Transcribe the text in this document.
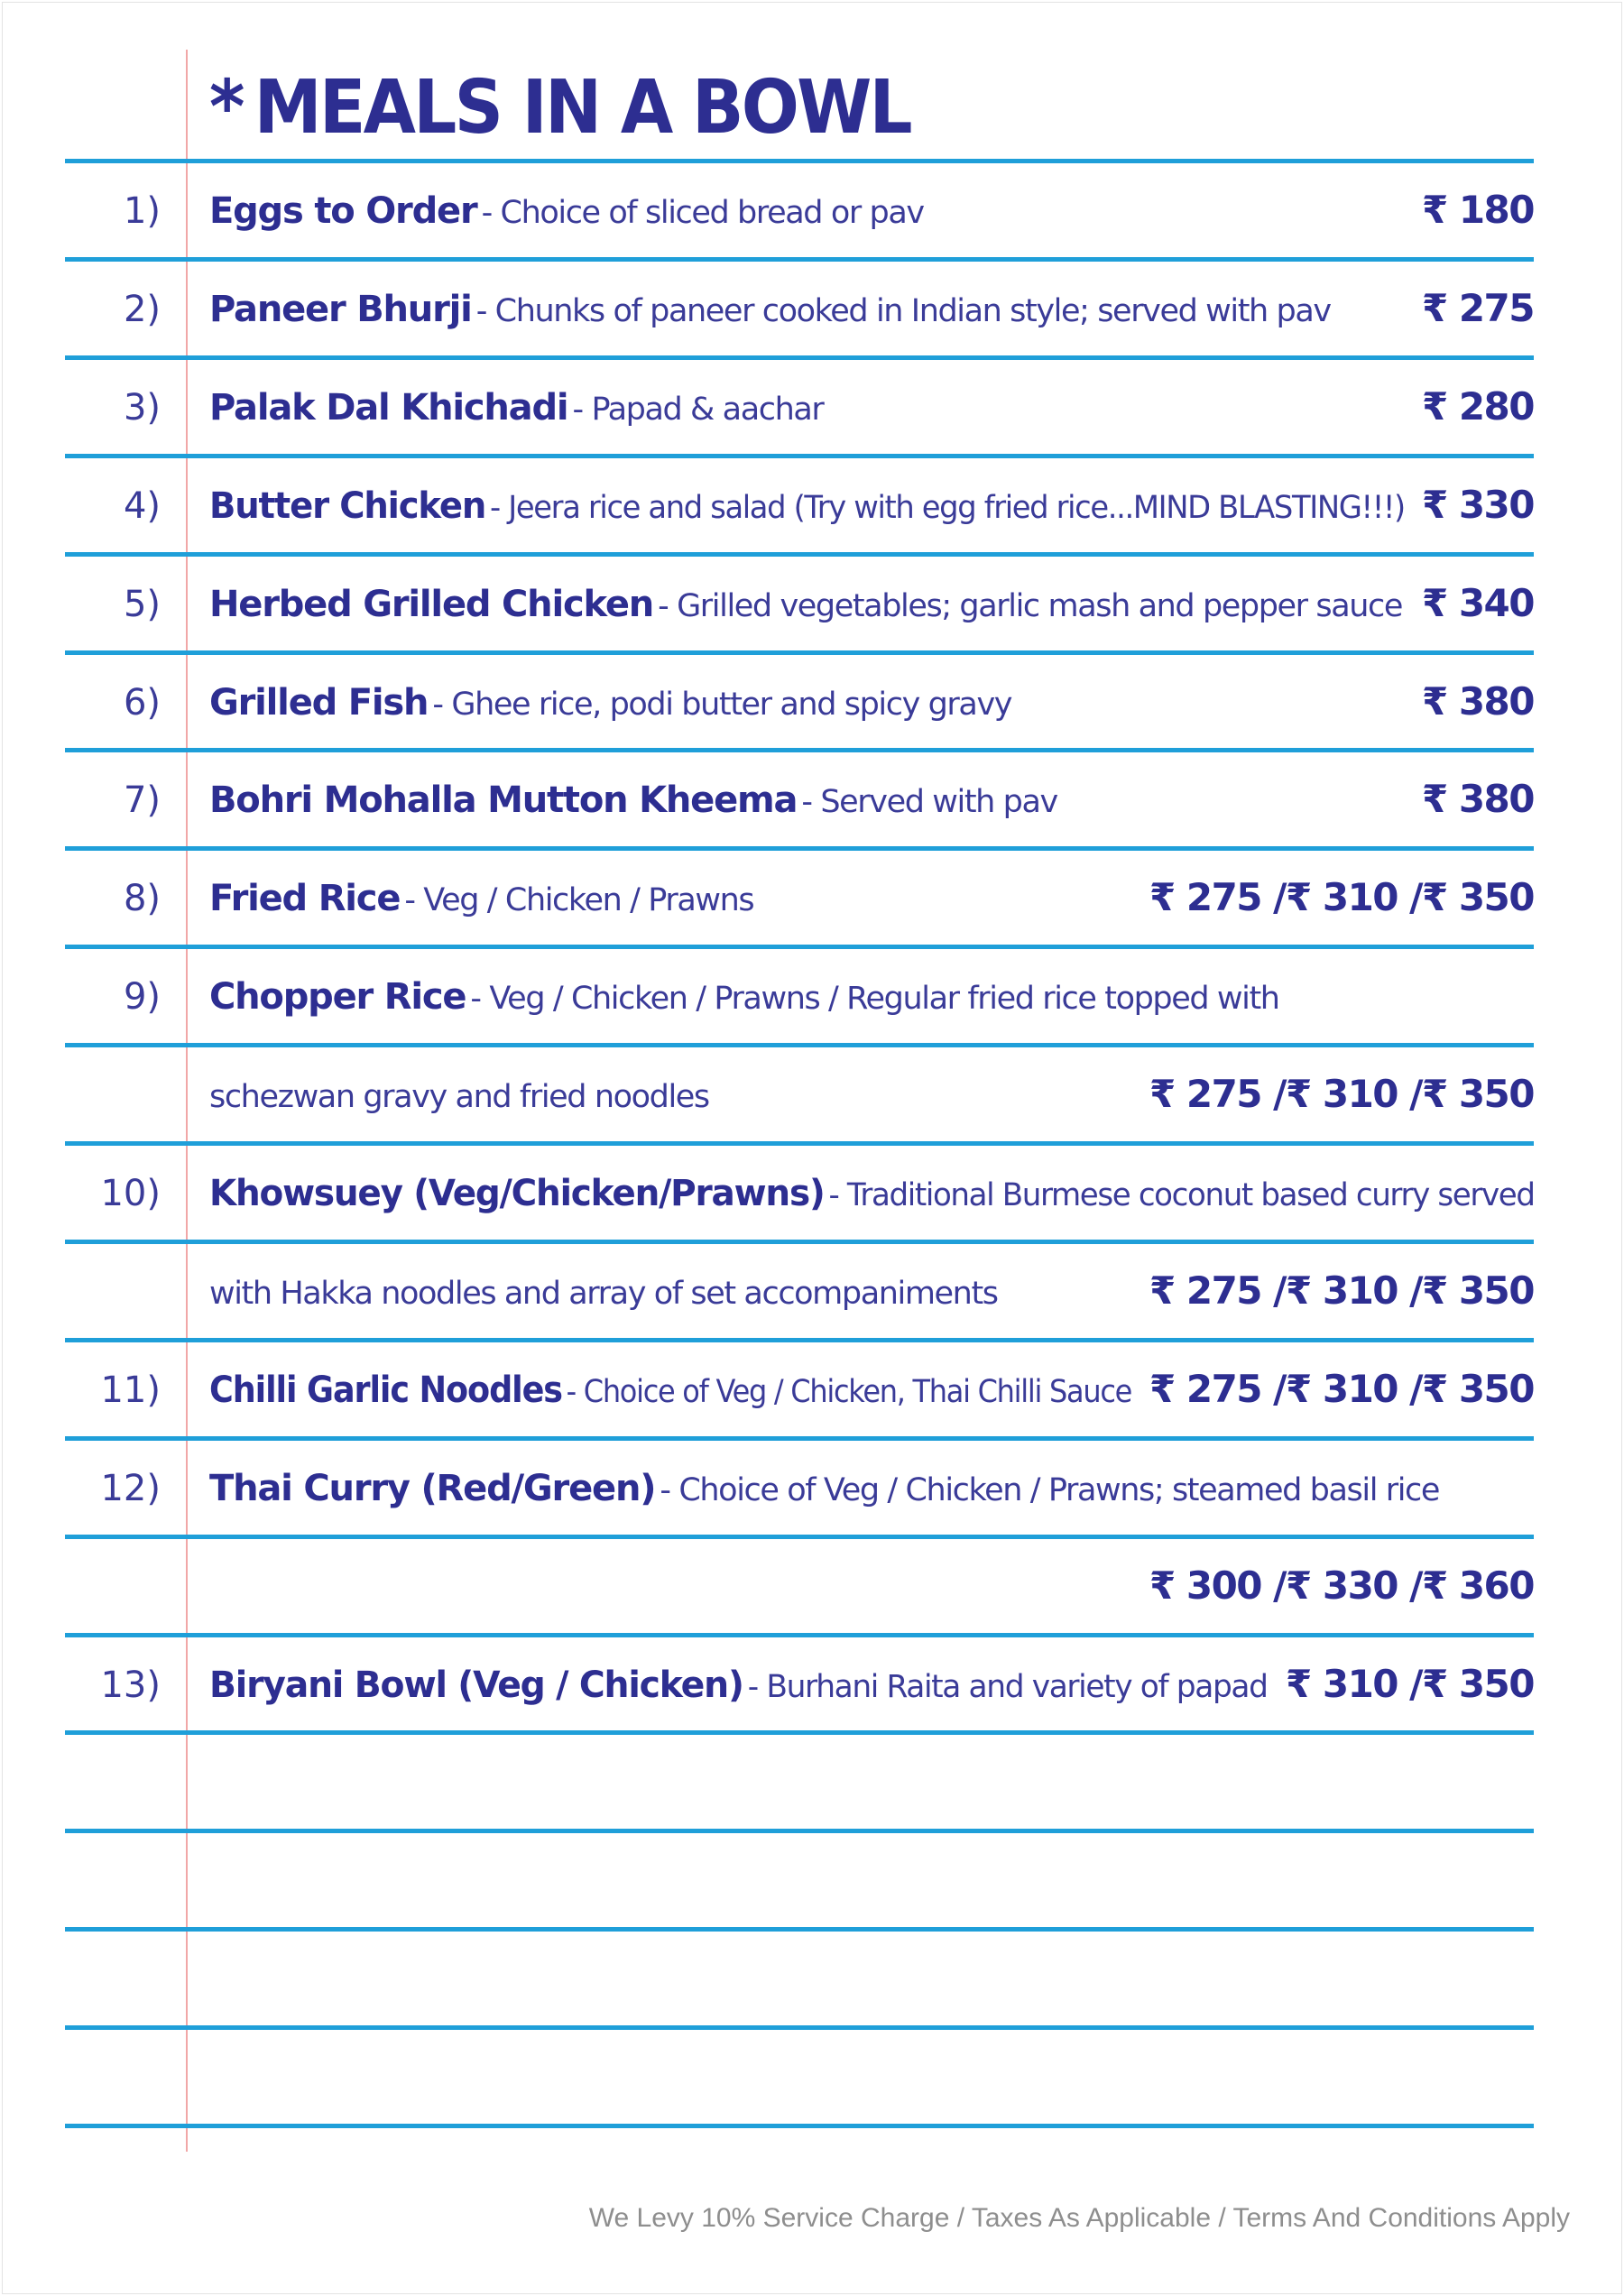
* MEALS IN A BOWL
1) Eggs to Order - Choice of sliced bread or pav	₹ 180
2) Paneer Bhurji - Chunks of paneer cooked in Indian style; served with pav ₹ 275
3) Palak Dal Khichadi - Papad & aachar	₹ 280
4) Butter Chicken - Jeera rice and salad (Try with egg fried rice...MIND BLASTING!!!) ₹ 330
5) Herbed Grilled Chicken - Grilled vegetables; garlic mash and pepper sauce ₹ 340
6) Grilled Fish - Ghee rice, podi butter and spicy gravy	₹ 380
7) Bohri Mohalla Mutton Kheema - Served with pav	₹ 380
8) Fried Rice - Veg / Chicken / Prawns	₹ 275 /₹ 310 /₹ 350
9) Chopper Rice - Veg / Chicken / Prawns / Regular fried rice topped with
schezwan gravy and fried noodles	₹ 275 /₹ 310 /₹ 350
10) Khowsuey (Veg/Chicken/Prawns) - Traditional Burmese coconut based curry served
with Hakka noodles and array of set accompaniments	₹ 275 /₹ 310 /₹ 350
11) Chilli Garlic Noodles - Choice of Veg / Chicken, Thai Chilli Sauce ₹ 275 /₹ 310 /₹ 350
12) Thai Curry (Red/Green) - Choice of Veg / Chicken / Prawns; steamed basil rice
₹ 300 /₹ 330 /₹ 360
13) Biryani Bowl (Veg / Chicken) - Burhani Raita and variety of papad ₹ 310 /₹ 350
We Levy 10% Service Charge / Taxes As Applicable / Terms And Conditions Apply
